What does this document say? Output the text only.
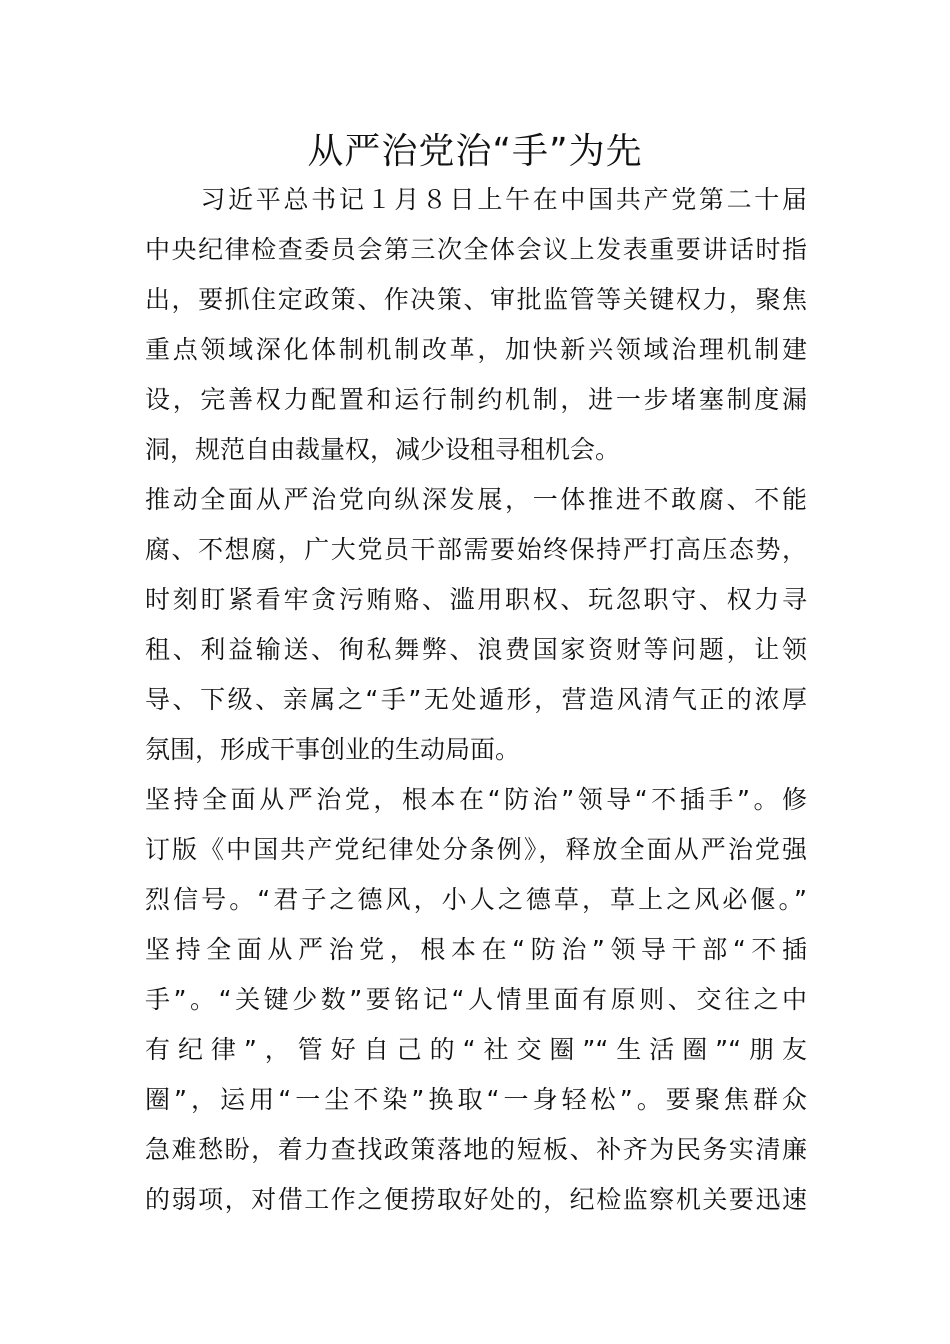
从严治党治“手”为先
　　习近平总书记１月８日上午在中国共产党第二十届
中央纪律检查委员会第三次全体会议上发表重要讲话时指
出，要抓住定政策、作决策、审批监管等关键权力，聚焦
重点领域深化体制机制改革，加快新兴领域治理机制建
设，完善权力配置和运行制约机制，进一步堵塞制度漏
洞，规范自由裁量权，减少设租寻租机会。
推动全面从严治党向纵深发展，一体推进不敢腐、不能
腐、不想腐，广大党员干部需要始终保持严打高压态势，
时刻盯紧看牢贪污贿赂、滥用职权、玩忽职守、权力寻
租、利益输送、徇私舞弊、浪费国家资财等问题，让领
导、下级、亲属之“手”无处遁形，营造风清气正的浓厚
氛围，形成干事创业的生动局面。
坚持全面从严治党，根本在“防治”领导“不插手”。修
订版《中国共产党纪律处分条例》，释放全面从严治党强
烈信号。“君子之德风，小人之德草，草上之风必偃。”
坚持全面从严治党，根本在“防治”领导干部“不插
手”。“关键少数”要铭记“人情里面有原则、交往之中
有纪律”，管好自己的“社交圈”“生活圈”“朋友
圈”，运用“一尘不染”换取“一身轻松”。要聚焦群众
急难愁盼，着力查找政策落地的短板、补齐为民务实清廉
的弱项，对借工作之便捞取好处的，纪检监察机关要迅速
